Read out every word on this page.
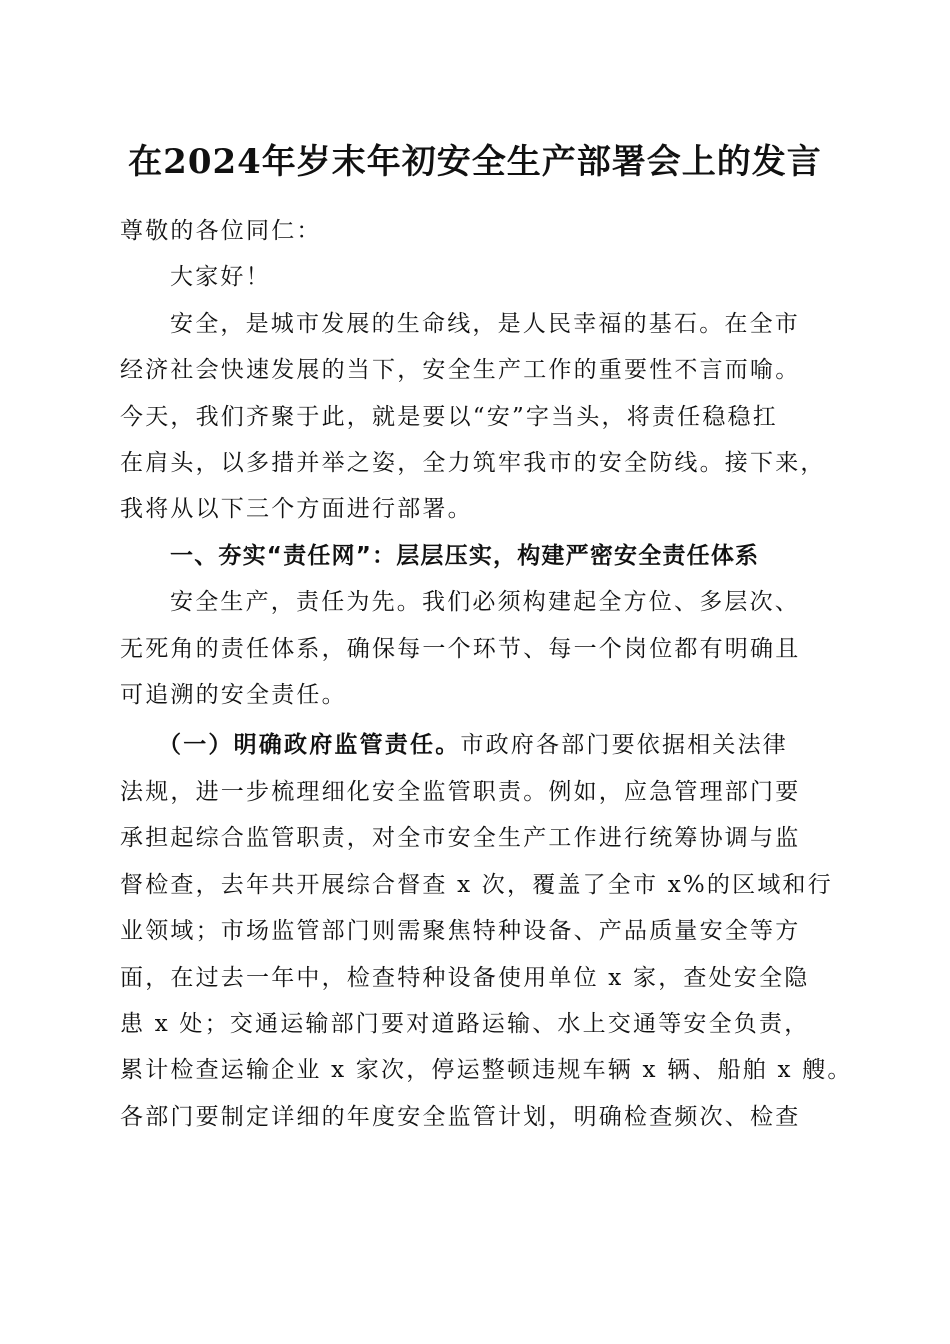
在2024年岁末年初安全生产部署会上的发言

尊敬的各位同仁：

大家好！

安全，是城市发展的生命线，是人民幸福的基石。在全市
经济社会快速发展的当下，安全生产工作的重要性不言而喻。
今天，我们齐聚于此，就是要以“安”字当头，将责任稳稳扛
在肩头，以多措并举之姿，全力筑牢我市的安全防线。接下来，
我将从以下三个方面进行部署。

一、夯实“责任网”：层层压实，构建严密安全责任体系

安全生产，责任为先。我们必须构建起全方位、多层次、
无死角的责任体系，确保每一个环节、每一个岗位都有明确且
可追溯的安全责任。

（一）明确政府监管责任。市政府各部门要依据相关法律
法规，进一步梳理细化安全监管职责。例如，应急管理部门要
承担起综合监管职责，对全市安全生产工作进行统筹协调与监
督检查，去年共开展综合督查 x 次，覆盖了全市 x%的区域和行
业领域；市场监管部门则需聚焦特种设备、产品质量安全等方
面，在过去一年中，检查特种设备使用单位 x 家，查处安全隐
患 x 处；交通运输部门要对道路运输、水上交通等安全负责，
累计检查运输企业 x 家次，停运整顿违规车辆 x 辆、船舶 x 艘。
各部门要制定详细的年度安全监管计划，明确检查频次、检查
